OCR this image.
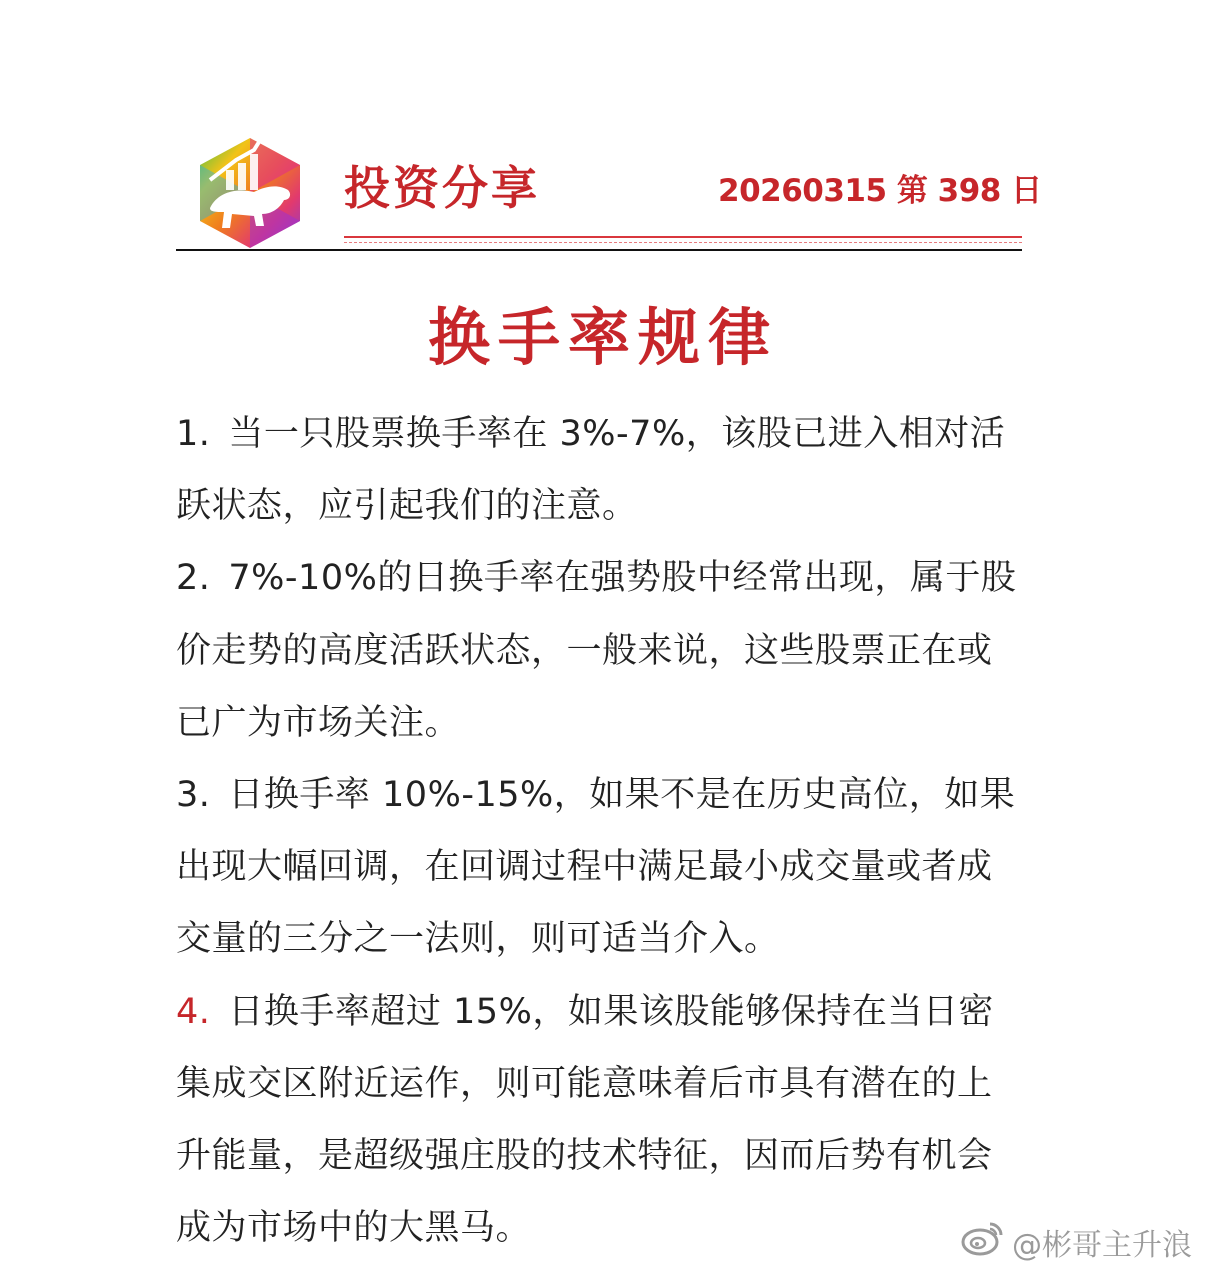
投资分享	20260315 第 398 日
换手率规律

1. 当一只股票换手率在 3%-7%，该股已进入相对活跃状态，应引起我们的注意。

2. 7%-10%的日换手率在强势股中经常出现，属于股价走势的高度活跃状态，一般来说，这些股票正在或已广为市场关注。

3. 日换手率 10%-15%，如果不是在历史高位，如果出现大幅回调，在回调过程中满足最小成交量或者成交量的三分之一法则，则可适当介入。

4. 日换手率超过 15%，如果该股能够保持在当日密集成交区附近运作，则可能意味着后市具有潜在的上升能量，是超级强庄股的技术特征，因而后势有机会成为市场中的大黑马。	@彬哥主升浪
